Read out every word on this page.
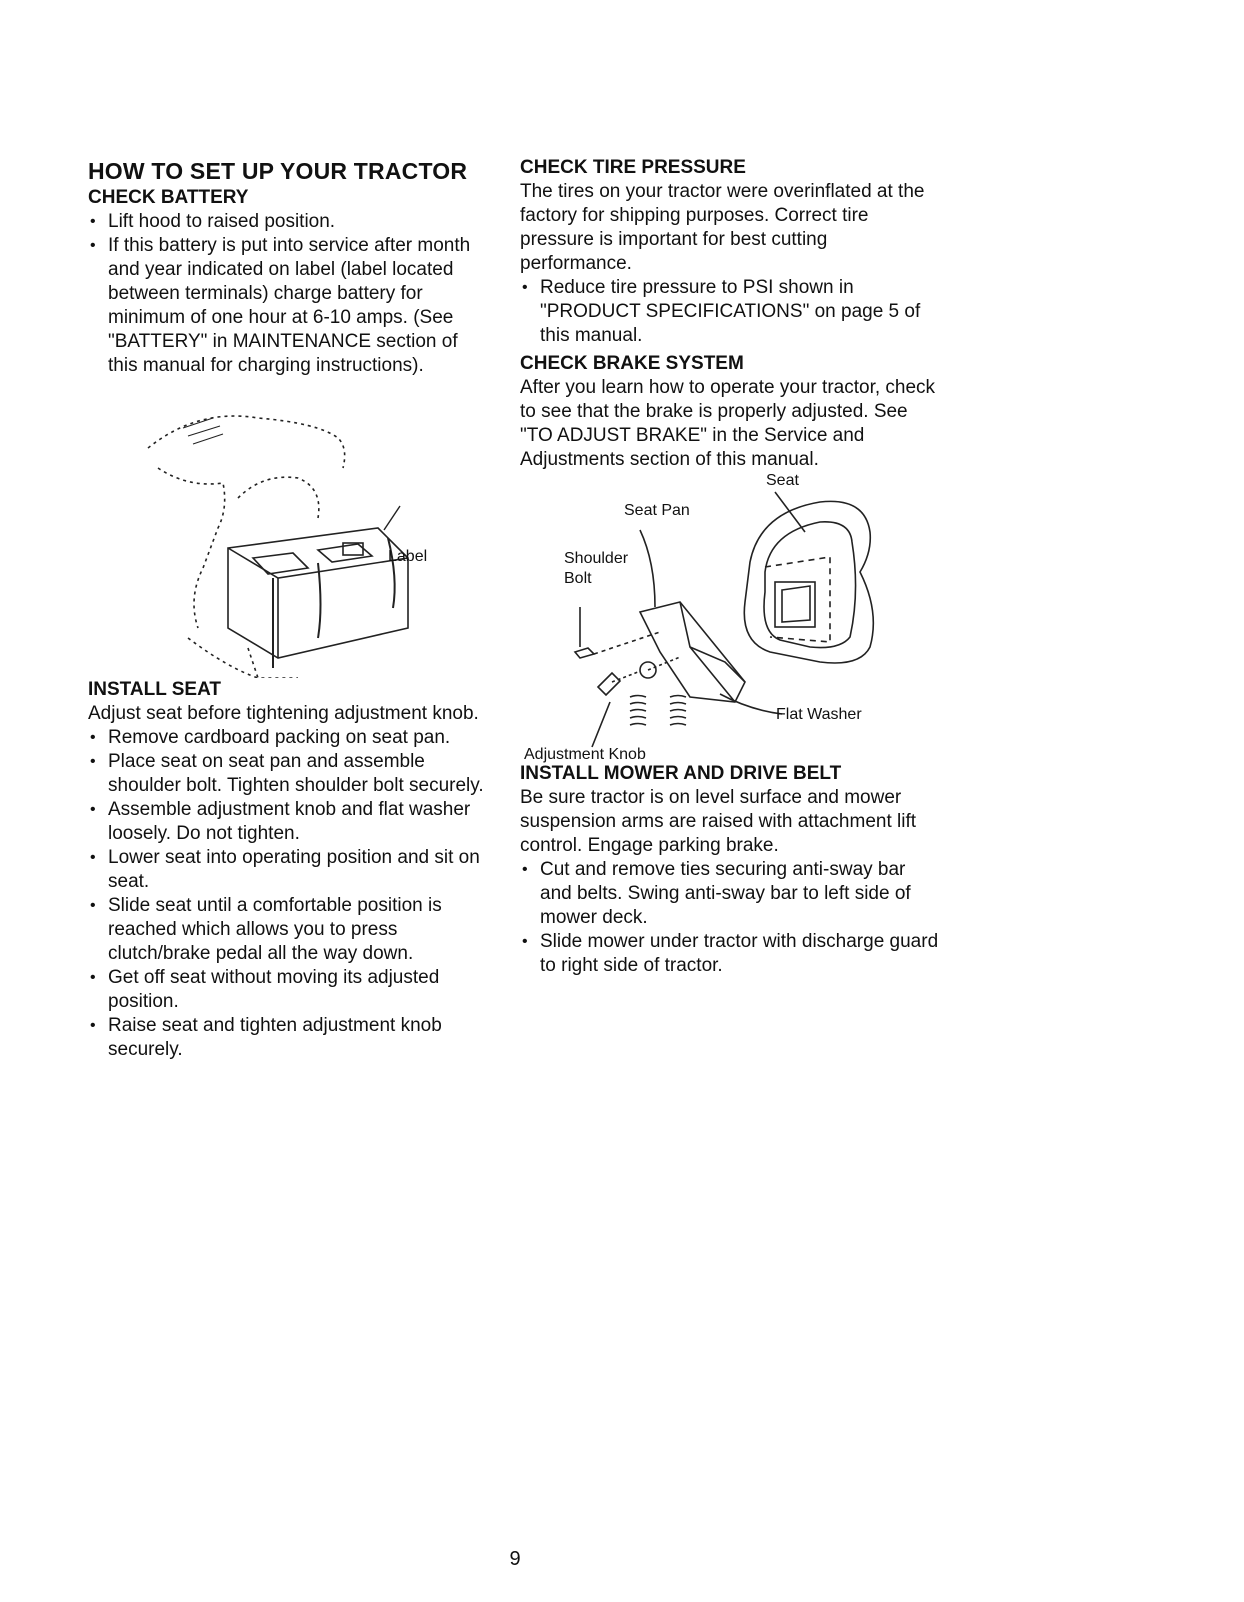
HOW TO SET UP YOUR TRACTOR
CHECK BATTERY
• Lift hood to raised position.
• If this battery is put into service after month and year indicated on label (label located between terminals) charge battery for minimum of one hour at 6-10 amps. (See "BATTERY" in MAINTENANCE section of this manual for charging instructions).
Label
INSTALL SEAT

Adjust seat before tightening adjustment knob.

• Remove cardboard packing on seat pan.
• Place seat on seat pan and assemble shoulder bolt. Tighten shoulder bolt securely.
• Assemble adjustment knob and flat washer loosely. Do not tighten.
• Lower seat into operating position and sit on seat.
• Slide seat until a comfortable position is reached which allows you to press clutch/brake pedal all the way down.
• Get off seat without moving its adjusted position.
• Raise seat and tighten adjustment knob securely.
CHECK TIRE PRESSURE

The tires on your tractor were overinflated at the factory for shipping purposes. Correct tire pressure is important for best cutting performance.

• Reduce tire pressure to PSI shown in "PRODUCT SPECIFICATIONS" on page 5 of this manual.
CHECK BRAKE SYSTEM

After you learn how to operate your tractor, check to see that the brake is properly adjusted. See "TO ADJUST BRAKE" in the Service and Adjustments section of this manual.

Seat
Seat Pan
Shoulder
Bolt
Flat Washer
Adjustment Knob
INSTALL MOWER AND DRIVE BELT

Be sure tractor is on level surface and mower suspension arms are raised with attachment lift control. Engage parking brake.

• Cut and remove ties securing anti-sway bar and belts. Swing anti-sway bar to left side of mower deck.
• Slide mower under tractor with discharge guard to right side of tractor.
9
